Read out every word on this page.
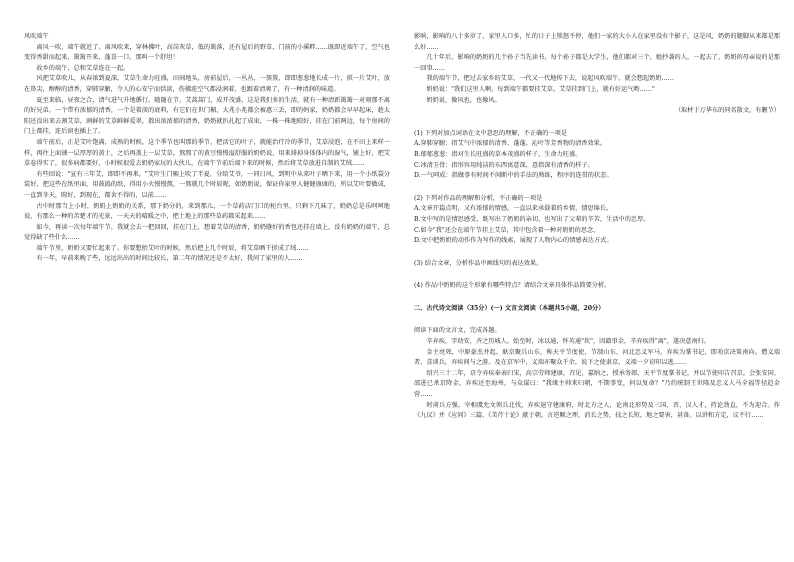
风吹端午

离风一吹，端午就近了。离风吹来，穿林拂叶，高岗灰草，低的篱落，还有屋后的野草，门前的小溪畔……既即近端午了，空气也变得香甜而起来，篱篱开来，蓬喜一口，那叫一个舒坦！

故乡的端午，总和艾草连在一起。

风把艾草吹儿，从春浓到夏深，艾草生命力旺盛，田间地头，房前屋后，一丛丛，一簇簇，即即葱葱地长成一片，拟一片艾叶，放在鼻尖，醇醇的清香，穿肺穿腑，令人的心安宁而恬淡，伤佛连空气都浸润着，也跟着清爽了，有一种清润的味道。

夏至来临，昼夜之合，清气进气升地循行。随随在节，艾蒿蒿门，成开茂盛，这是我们多的生活，就有一种清新篱篱一对刻那不离的好兄弟，一个带有浓郁的清香，一个是着淡的底料，有它们在世门楣，大兆小兆都会被惠三丢，即的妈家，奶奶都会早早起床，趁太阳还没出来去割艾草，割鲜的艾草鲜鲜爱翠，散出浓浓郁的清香，奶奶就扒扎起了成束，一株一株地晾好，挂在门前两边，每个房间的门上都挂，连后窗也插上了。

端午前后，正是艾叶饱满，成熟的时候，这个季节也叫那的季节，把活它的叶子，就能治疗冷的季节，艾草浸泡，在不田上来样一样，再往上面铺一层厚厚的黄土，之后再盖上一层艾草，熬熬了的黄豆慢慢溢舒服的奶奶说，用来排掉身体体内的湿气，铺上好，把艾草卷得实了，很多病都要好，小时候很爱去奶奶家玩的大伙儿，在端午节前后端下来的时候，然后将艾草放进自制的艾绒……

有些回说："宣有三年艾，即即不再来。"艾叶生门楣上吹了半夏，分给艾爷，一同日风，到明中从来叶子晒下来，用一个小纸袋分装好，把这些在纸里面，用鼓捣的纸，得用小火慢慢熬，一熬就几个时辰呢，如奶奶说，保证你家里人健健康康的，所以艾叶要做成，一直到冬天，晾好，到现在，都舍不得的，以前……

古中时那当上小时，奶奶上奶奶的关系，那下奶分的，来到那儿，一个草药店门口的柜台里，只剩下几味了，奶奶总是乐呵呵地说，有那么一种的苦楚才的光景，一天天的晴暖之中，把土地上的那些草药都采起来……

如今，再读一次每年端午节，我就会去一把回回，挂在门上，想着艾草的清香，奶奶缝好的香包还挂在墙上，没有奶奶的端午，总觉得缺了些什么……

端午节里，奶奶又要忙起来了。你要想抬艾叶的时候，然后把上几个时辰，将艾草晒干搓成了绒……

有一年，早前来晚了些，远远出出的时间比较长，第二年的情况还是不太好，我问了家里的人……

影响，影响的八十多岁了，家里人口多，忙的日子上锁怒不停，他们一家的大小人在家里没有个影子，这是风，奶奶的腿脚从来都是那么好……

几十年后，影响的奶奶的几个孙子当先读书，每个孙子都是大学生，他们都对三个，她抄袭的人，一起去了，奶奶的母亲说的是那一回事……

我的端午节，把过去家乡的艾草，一代又一代地传下去，说起风吹端午，就会想起奶奶……

奶奶说："我们这里人啊，每到端午都要挂艾草，艾草挂到门上，就有好运气哟……"

奶奶说，像风也，也像风。

（取材于万华东的同名散文，有删节）

(1) 下列对加点词语在文中意思的理解，不正确的一项是

A.穿肺穿腑：指艾气中浓郁的清香、蓬蓬、沁叶等芳香物的清香效果。

B.郁郁葱葱：指对生长旺盛的草本茂盛的样子，生命力旺盛。

C.冰清玉骨：指形容用纯洁的东西寓意深，意指深有清香的样子。

D.一气呵成：指做事有时间不间断中的手法的熟练，程序的连贯的状态。

(2) 下列对作品的理解和分析，不正确的一项是

A.文章开篇点明，又有浓郁的情感，一直以来承载着的乡情，情思绵长。

B.文中写的是情思感受，既写出了奶奶的亲切，也写出了父辈的辛苦，生活中的忠厚。

C.如今"我"还会在端午节挂上艾草，其中包含着一种对奶奶的思念。

D.文中把奶奶的动作作为写作的线索，展现了人物内心的情感表达方式。

(3) 结合文章，分析作品中画线句的表达效果。

(4) 作品中奶奶的这个形象有哪些特点？请结合文章具体作品简要分析。

二、古代诗文阅读（35分）(一) 文言文阅读（本题共5小题，20分）

阅读下面的文言文，完成各题。

辛弃疾，字幼安，齐之历城人。始至时，冰以通，怀英通"坎"，因籍事金，辛弃疾得"离"，遂决意南归。

金主亮死，中原豪杰并起。耿京聚兵山东，称天平节度使，节制山东、河北忠义军马，弃疾为掌书记，即劝京决策南向。僧义端者，喜谈兵，弃疾间与之游。及在京军中，义端亦聚众千余，说下之使隶京，义端一夕窃印以逃……

绍兴三十二年，京令弃疾奉表归宋，高宗劳师建康，召见，嘉纳之，授承务郎、天平节度掌书记，并以节使印告召京。会张安国、邵进已杀京降金，弃疾还至海州，与众谋曰："我缘主帅来归朝，不期事变，何以复命？"乃约统制王世隆及忠义人马全福等径趋金营……

时虏兵方强，宰相虞允文领兵北伐，弃疾退守建康府，时北方之人，论南北形势及三国、晋、汉人才，持论劲直，不为迎合。作《九议》并《应问》三篇、《美芹十论》献于朝，言逆顺之理，消长之势，技之长短，地之要害，甚备。以讲和方定，议不行……
